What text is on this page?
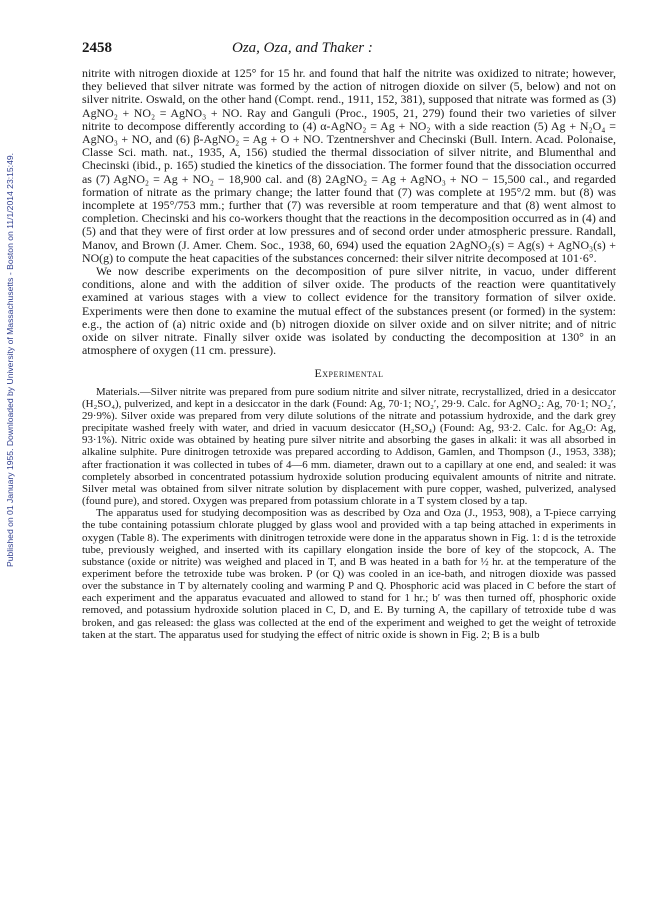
Published on 01 January 1955. Downloaded by University of Massachusetts - Boston on 11/1/2014 23:15:49.
2458	Oza, Oza, and Thaker :

nitrite with nitrogen dioxide at 125° for 15 hr. and found that half the nitrite was oxidized to nitrate; however, they believed that silver nitrate was formed by the action of nitrogen dioxide on silver (5, below) and not on silver nitrite. Oswald, on the other hand (Compt. rend., 1911, 152, 381), supposed that nitrate was formed as (3) AgNO₂ + NO₂ = AgNO₃ + NO. Ray and Ganguli (Proc., 1905, 21, 279) found their two varieties of silver nitrite to decompose differently according to (4) α-AgNO₂ = Ag + NO₂ with a side reaction (5) Ag + N₂O₄ = AgNO₃ + NO, and (6) β-AgNO₂ = Ag + O + NO. Tzentnershver and Checinski (Bull. Intern. Acad. Polonaise, Classe Sci. math. nat., 1935, A, 156) studied the thermal dissociation of silver nitrite, and Blumenthal and Checinski (ibid., p. 165) studied the kinetics of the dissociation. The former found that the dissociation occurred as (7) AgNO₂ = Ag + NO₂ − 18,900 cal. and (8) 2AgNO₂ = Ag + AgNO₃ + NO − 15,500 cal., and regarded formation of nitrate as the primary change; the latter found that (7) was complete at 195°/2 mm. but (8) was incomplete at 195°/753 mm.; further that (7) was reversible at room temperature and that (8) went almost to completion. Checinski and his co-workers thought that the reactions in the decomposition occurred as in (4) and (5) and that they were of first order at low pressures and of second order under atmospheric pressure. Randall, Manov, and Brown (J. Amer. Chem. Soc., 1938, 60, 694) used the equation 2AgNO₂(s) = Ag(s) + AgNO₃(s) + NO(g) to compute the heat capacities of the substances concerned: their silver nitrite decomposed at 101·6°.

We now describe experiments on the decomposition of pure silver nitrite, in vacuo, under different conditions, alone and with the addition of silver oxide. The products of the reaction were quantitatively examined at various stages with a view to collect evidence for the transitory formation of silver oxide. Experiments were then done to examine the mutual effect of the substances present (or formed) in the system: e.g., the action of (a) nitric oxide and (b) nitrogen dioxide on silver oxide and on silver nitrite; and of nitric oxide on silver nitrate. Finally silver oxide was isolated by conducting the decomposition at 130° in an atmosphere of oxygen (11 cm. pressure).

Experimental

Materials.—Silver nitrite was prepared from pure sodium nitrite and silver nitrate, recrystallized, dried in a desiccator (H₂SO₄), pulverized, and kept in a desiccator in the dark (Found: Ag, 70·1; NO₂′, 29·9. Calc. for AgNO₂: Ag, 70·1; NO₂′, 29·9%). Silver oxide was prepared from very dilute solutions of the nitrate and potassium hydroxide, and the dark grey precipitate washed freely with water, and dried in vacuum desiccator (H₂SO₄) (Found: Ag, 93·2. Calc. for Ag₂O: Ag, 93·1%). Nitric oxide was obtained by heating pure silver nitrite and absorbing the gases in alkali: it was all absorbed in alkaline sulphite. Pure dinitrogen tetroxide was prepared according to Addison, Gamlen, and Thompson (J., 1953, 338); after fractionation it was collected in tubes of 4—6 mm. diameter, drawn out to a capillary at one end, and sealed: it was completely absorbed in concentrated potassium hydroxide solution producing equivalent amounts of nitrite and nitrate. Silver metal was obtained from silver nitrate solution by displacement with pure copper, washed, pulverized, analysed (found pure), and stored. Oxygen was prepared from potassium chlorate in a T system closed by a tap.

The apparatus used for studying decomposition was as described by Oza and Oza (J., 1953, 908), a T-piece carrying the tube containing potassium chlorate plugged by glass wool and provided with a tap being attached in experiments in oxygen (Table 8). The experiments with dinitrogen tetroxide were done in the apparatus shown in Fig. 1: d is the tetroxide tube, previously weighed, and inserted with its capillary elongation inside the bore of key of the stopcock, A. The substance (oxide or nitrite) was weighed and placed in T, and B was heated in a bath for ½ hr. at the temperature of the experiment before the tetroxide tube was broken. P (or Q) was cooled in an ice-bath, and nitrogen dioxide was passed over the substance in T by alternately cooling and warming P and Q. Phosphoric acid was placed in C before the start of each experiment and the apparatus evacuated and allowed to stand for 1 hr.; b′ was then turned off, phosphoric oxide removed, and potassium hydroxide solution placed in C, D, and E. By turning A, the capillary of tetroxide tube d was broken, and gas released: the glass was collected at the end of the experiment and weighed to get the weight of tetroxide taken at the start. The apparatus used for studying the effect of nitric oxide is shown in Fig. 2; B is a bulb
